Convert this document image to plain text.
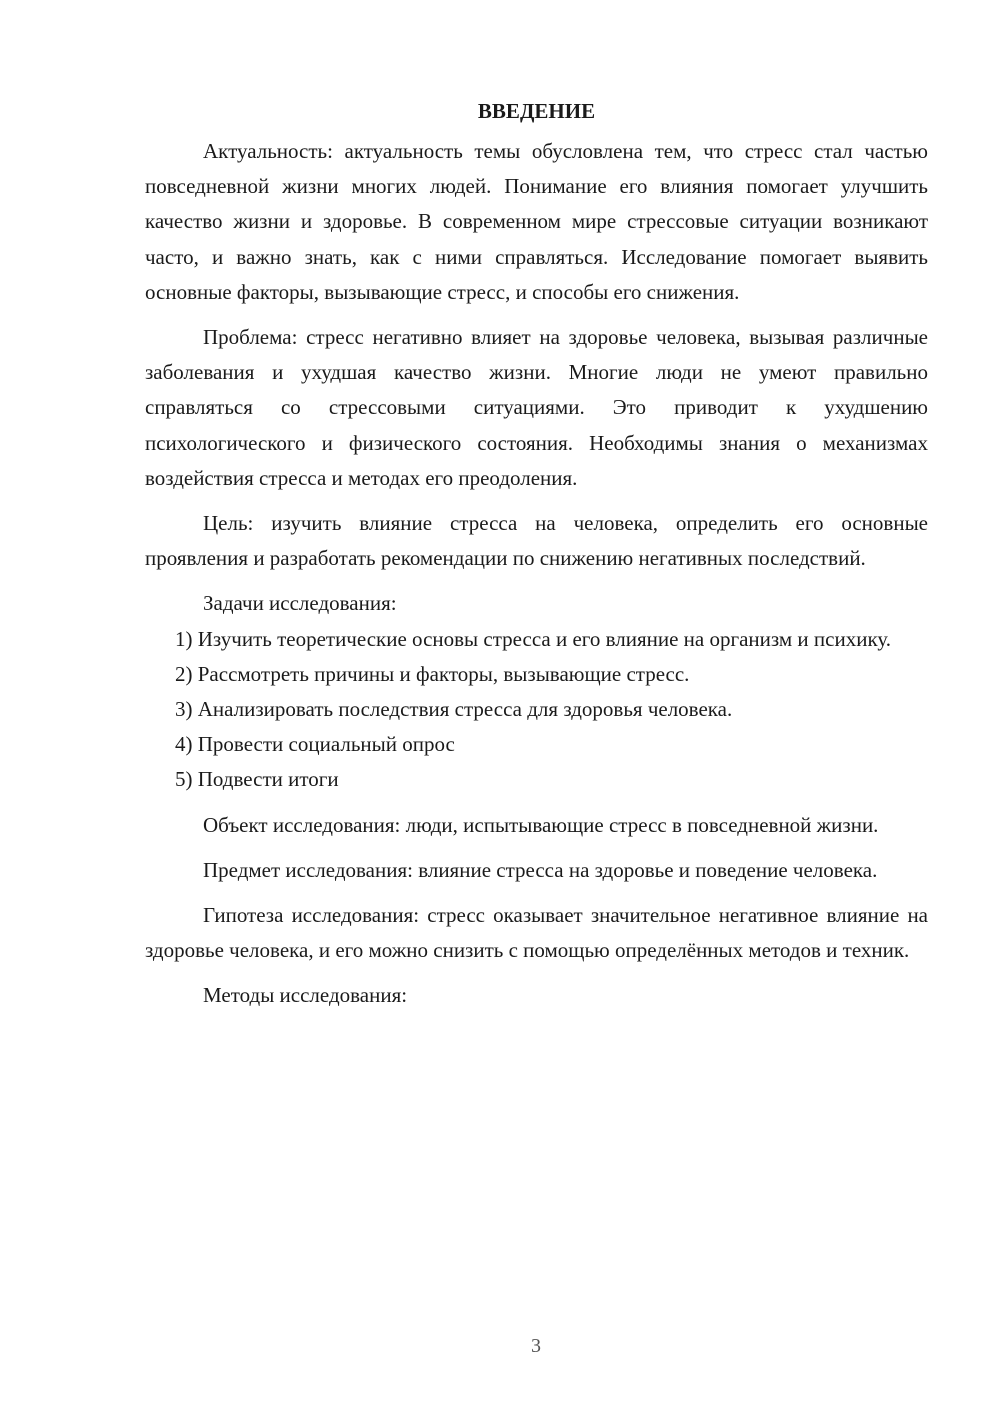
ВВЕДЕНИЕ

Актуальность: актуальность темы обусловлена тем, что стресс стал частью повседневной жизни многих людей. Понимание его влияния помогает улучшить качество жизни и здоровье. В современном мире стрессовые ситуации возникают часто, и важно знать, как с ними справляться. Исследование помогает выявить основные факторы, вызывающие стресс, и способы его снижения.

Проблема: стресс негативно влияет на здоровье человека, вызывая различные заболевания и ухудшая качество жизни. Многие люди не умеют правильно справляться со стрессовыми ситуациями. Это приводит к ухудшению психологического и физического состояния. Необходимы знания о механизмах воздействия стресса и методах его преодоления.

Цель: изучить влияние стресса на человека, определить его основные проявления и разработать рекомендации по снижению негативных последствий.

Задачи исследования:

1) Изучить теоретические основы стресса и его влияние на организм и психику.

2) Рассмотреть причины и факторы, вызывающие стресс.

3) Анализировать последствия стресса для здоровья человека.

4) Провести социальный опрос

5) Подвести итоги

Объект исследования: люди, испытывающие стресс в повседневной жизни.

Предмет исследования: влияние стресса на здоровье и поведение человека.

Гипотеза исследования: стресс оказывает значительное негативное влияние на здоровье человека, и его можно снизить с помощью определённых методов и техник.

Методы исследования:

3
